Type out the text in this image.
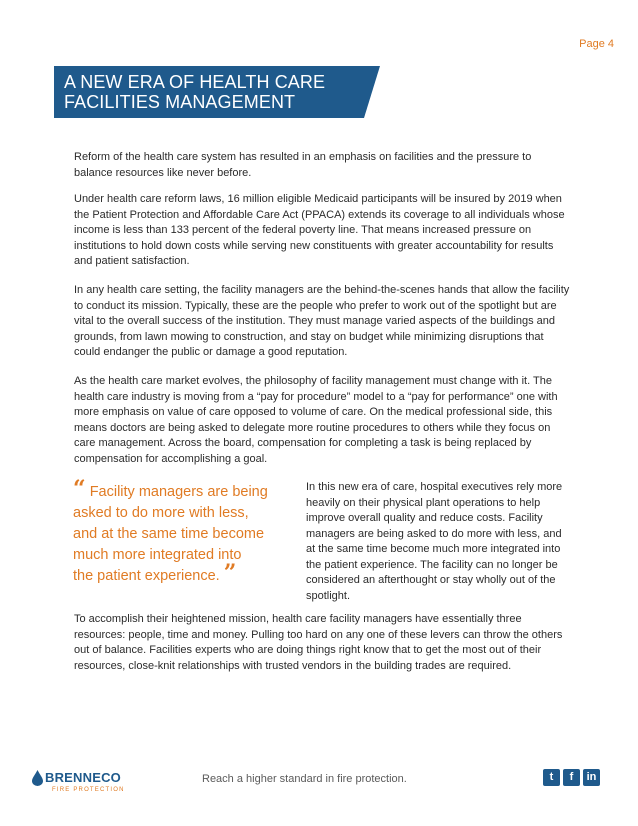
Page 4
A NEW ERA OF HEALTH CARE
FACILITIES MANAGEMENT

Reform of the health care system has resulted in an emphasis on facilities and the pressure to balance resources like never before.

Under health care reform laws, 16 million eligible Medicaid participants will be insured by 2019 when the Patient Protection and Affordable Care Act (PPACA) extends its coverage to all individuals whose income is less than 133 percent of the federal poverty line. That means increased pressure on institutions to hold down costs while serving new constituents with greater accountability for results and patient satisfaction.

In any health care setting, the facility managers are the behind-the-scenes hands that allow the facility to conduct its mission. Typically, these are the people who prefer to work out of the spotlight but are vital to the overall success of the institution. They must manage varied aspects of the buildings and grounds, from lawn mowing to construction, and stay on budget while minimizing disruptions that could endanger the public or damage a good reputation.

As the health care market evolves, the philosophy of facility management must change with it. The health care industry is moving from a “pay for procedure” model to a “pay for performance” one with more emphasis on value of care opposed to volume of care. On the medical professional side, this means doctors are being asked to delegate more routine procedures to others while they focus on care management. Across the board, compensation for completing a task is being replaced by compensation for accomplishing a goal.

“ Facility managers are being
asked to do more with less,
and at the same time become
much more integrated into
the patient experience. ”

In this new era of care, hospital executives rely more heavily on their physical plant operations to help improve overall quality and reduce costs. Facility managers are being asked to do more with less, and at the same time become much more integrated into the patient experience. The facility can no longer be considered an afterthought or stay wholly out of the spotlight.

To accomplish their heightened mission, health care facility managers have essentially three resources: people, time and money. Pulling too hard on any one of these levers can throw the others out of balance. Facilities experts who are doing things right know that to get the most out of their resources, close-knit relationships with trusted vendors in the building trades are required.

BRENNECO
FIRE PROTECTION
Reach a higher standard in fire protection.	t	f	in
